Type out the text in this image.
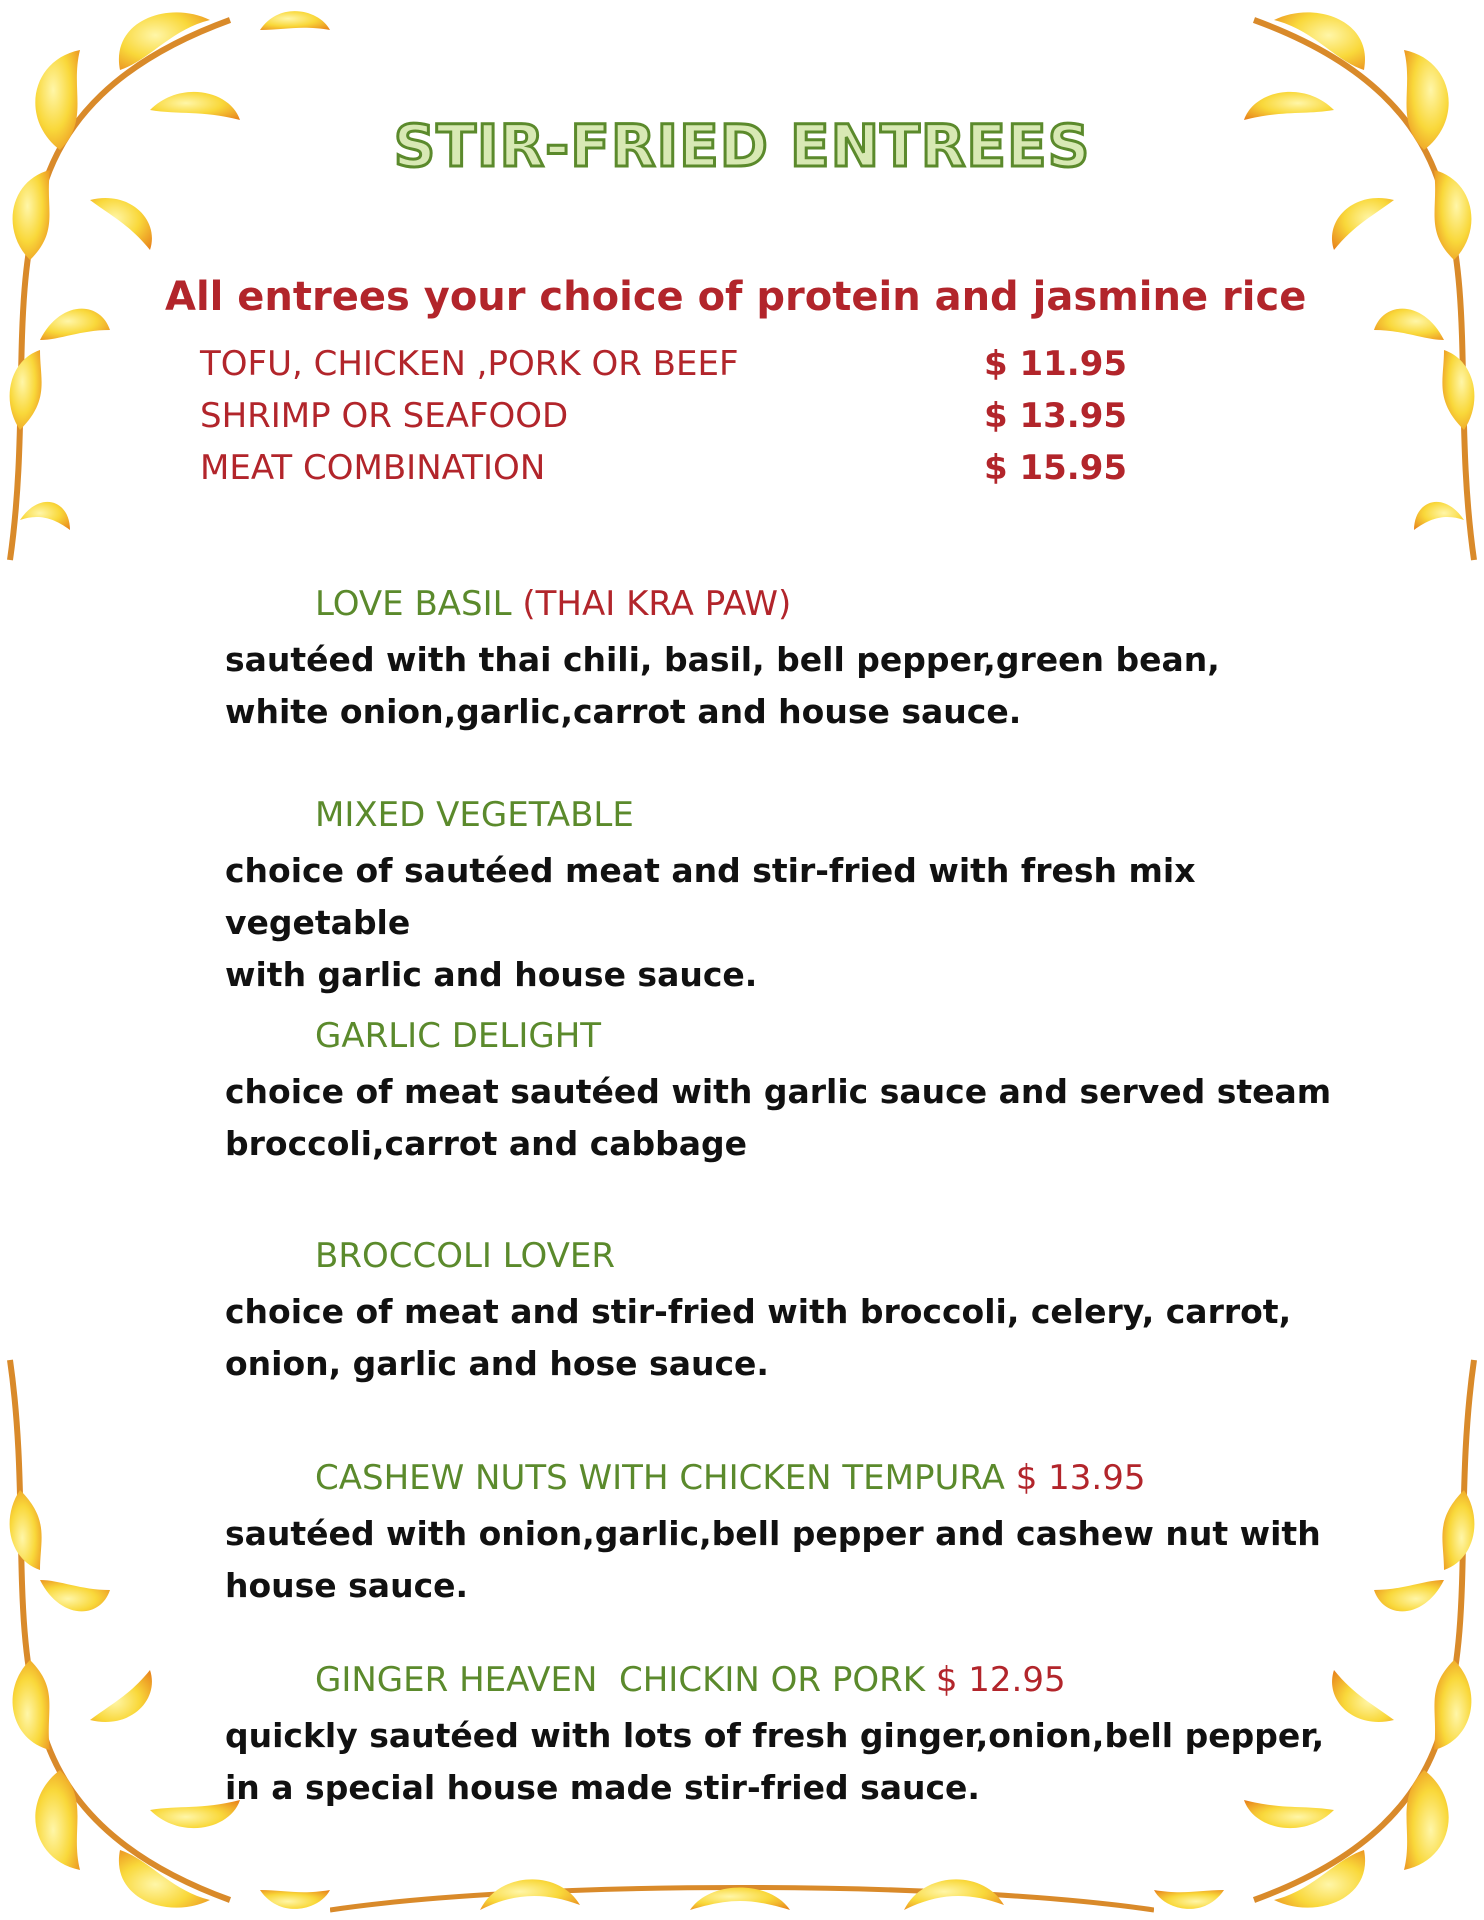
STIR-FRIED ENTREES

All entrees your choice of protein and jasmine rice

TOFU, CHICKEN ,PORK OR BEEF	$ 11.95
SHRIMP OR SEAFOOD	$ 13.95
MEAT COMBINATION	$ 15.95
LOVE BASIL (THAI KRA PAW)
sautéed with thai chili, basil, bell pepper,green bean,
white onion,garlic,carrot and house sauce.
MIXED VEGETABLE
choice of sautéed meat and stir-fried with fresh mix vegetable
with garlic and house sauce.
GARLIC DELIGHT
choice of meat sautéed with garlic sauce and served steam
broccoli,carrot and cabbage
BROCCOLI LOVER
choice of meat and stir-fried with broccoli, celery, carrot,
onion, garlic and hose sauce.
CASHEW NUTS WITH CHICKEN TEMPURA $ 13.95
sautéed with onion,garlic,bell pepper and cashew nut with
house sauce.
GINGER HEAVEN  CHICKIN OR PORK $ 12.95
quickly sautéed with lots of fresh ginger,onion,bell pepper,
in a special house made stir-fried sauce.
